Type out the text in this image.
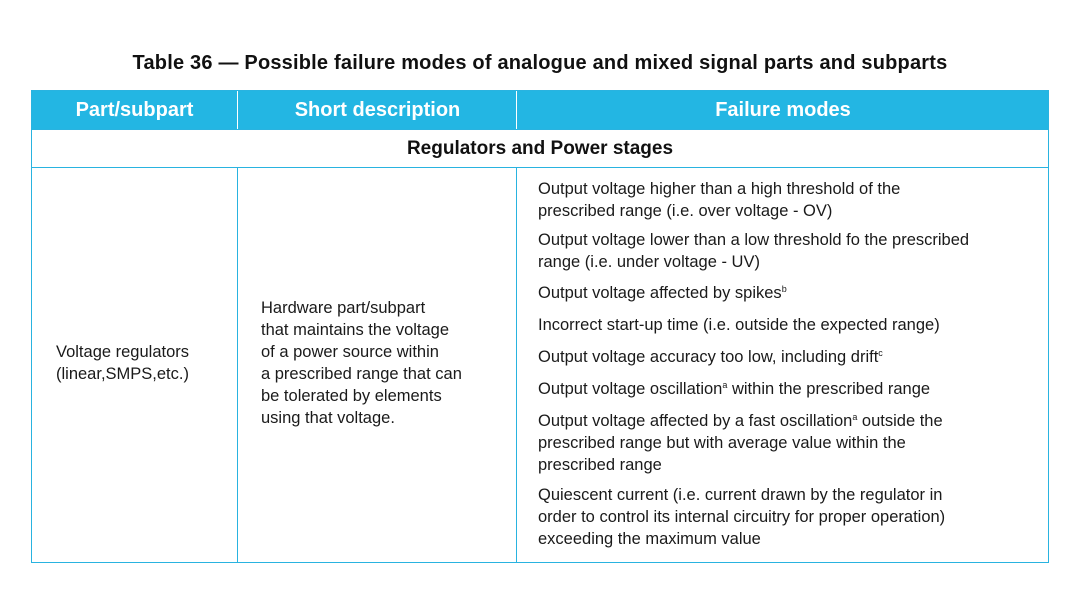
Table 36 — Possible failure modes of analogue and mixed signal parts and subparts
Part/subpart	Short description	Failure modes
Regulators and Power stages
Voltage regulators
(linear,SMPS,etc.)
Hardware part/subpart
that maintains the voltage
of a power source within
a prescribed range that can
be tolerated by elements
using that voltage.
Output voltage higher than a high threshold of the
prescribed range (i.e. over voltage - OV)
Output voltage lower than a low threshold fo the prescribed
range (i.e. under voltage - UV)
Output voltage affected by spikes$^b$
Incorrect start-up time (i.e. outside the expected range)
Output voltage accuracy too low, including drift$^c$
Output voltage oscillation$^a$ within the prescribed range
Output voltage affected by a fast oscillation$^a$ outside the
prescribed range but with average value within the
prescribed range
Quiescent current (i.e. current drawn by the regulator in
order to control its internal circuitry for proper operation)
exceeding the maximum value
